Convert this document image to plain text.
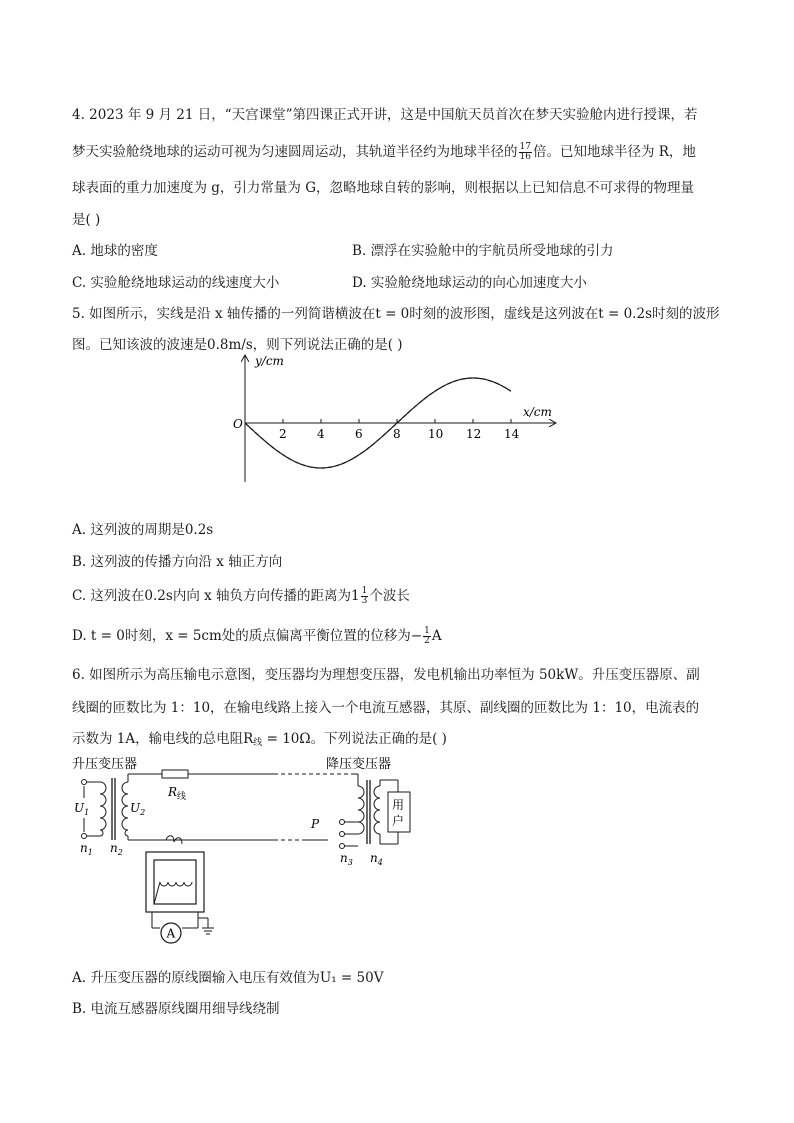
4. 2023 年 9 月 21 日，“天宫课堂”第四课正式开讲，这是中国航天员首次在梦天实验舱内进行授课，若
梦天实验舱绕地球的运动可视为匀速圆周运动，其轨道半径约为地球半径的 $\frac{17}{16}$ 倍。已知地球半径为 R，地
球表面的重力加速度为 g，引力常量为 G，忽略地球自转的影响，则根据以上已知信息不可求得的物理量
是( )
A. 地球的密度	B. 漂浮在实验舱中的宇航员所受地球的引力
C. 实验舱绕地球运动的线速度大小	D. 实验舱绕地球运动的向心加速度大小
5. 如图所示，实线是沿 x 轴传播的一列简谐横波在t = 0时刻的波形图，虚线是这列波在t = 0.2s时刻的波形
图。已知该波的波速是0.8m/s，则下列说法正确的是( )
y/cm
x/cm
O
2	4	6	8 10 12 14
A. 这列波的周期是0.2s
B. 这列波的传播方向沿 x 轴正方向
C. 这列波在0.2s内向 x 轴负方向传播的距离为$1 \frac{1}{3}$ 个波长
D. t = 0时刻，x = 5cm处的质点偏离平衡位置的位移为− $\frac{1}{2}$ A
6. 如图所示为高压输电示意图，变压器均为理想变压器，发电机输出功率恒为 50kW。升压变压器原、副
线圈的匝数比为 1：10，在输电线路上接入一个电流互感器，其原、副线圈的匝数比为 1：10，电流表的
示数为 1A，输电线的总电阻$R_线 = 10\Omega$。下列说法正确的是( )
升压变压器	降压变压器
$U_1$	$U_2$
$n_1$ $n_2$
$R_线$
P
$n_3$
用
户
$n_4$
A
A. 升压变压器的原线圈输入电压有效值为U₁ = 50V
B. 电流互感器原线圈用细导线绕制
